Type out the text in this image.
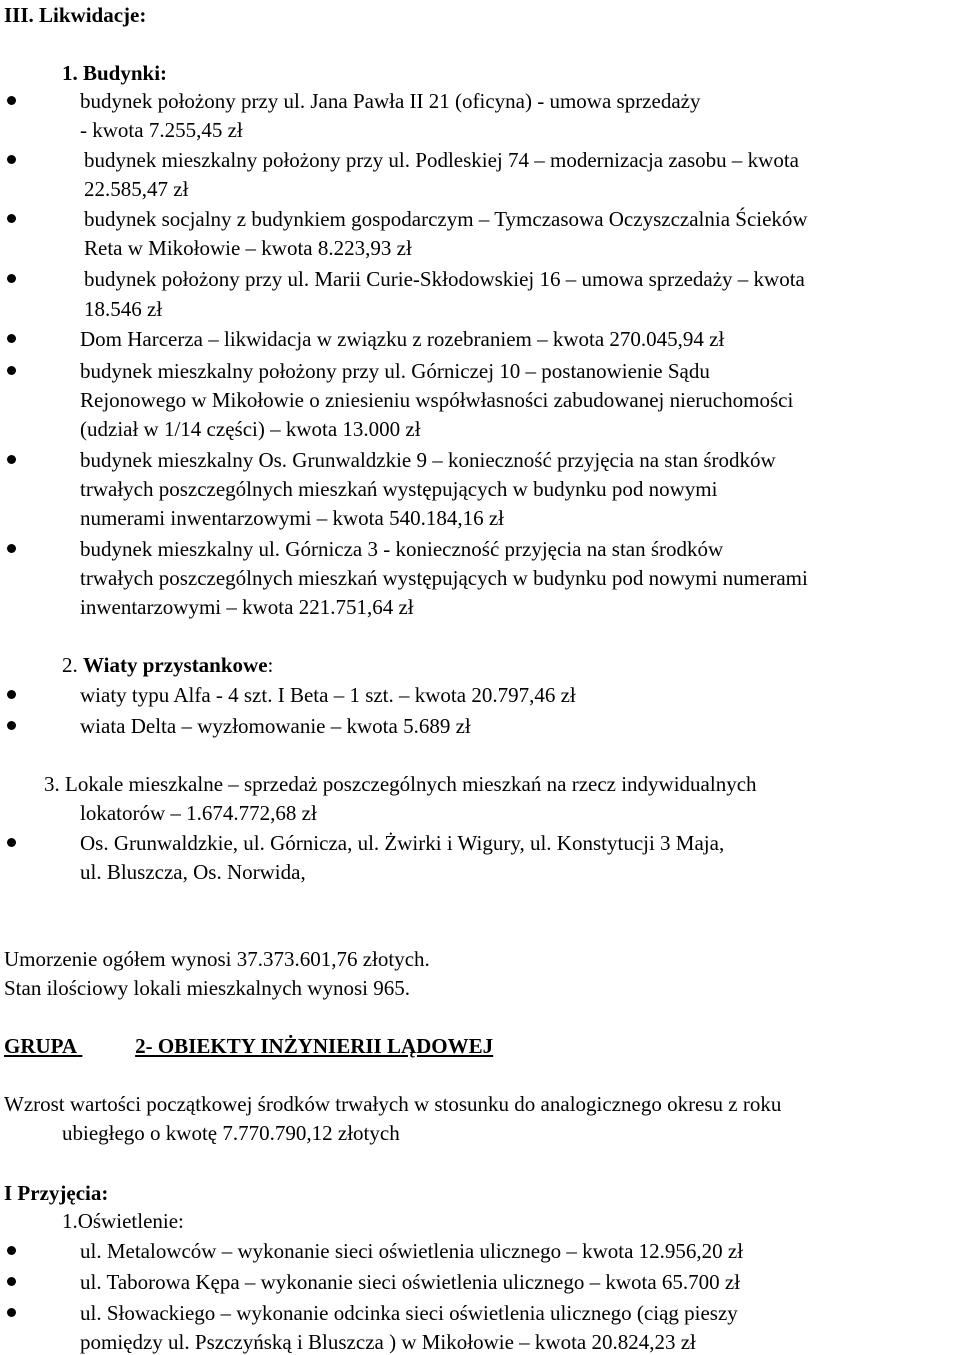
III. Likwidacje:
1. Budynki:
budynek położony przy ul. Jana Pawła II 21 (oficyna) - umowa sprzedaży
- kwota 7.255,45 zł
budynek mieszkalny położony przy ul. Podleskiej 74 – modernizacja zasobu – kwota
22.585,47 zł
budynek socjalny z budynkiem gospodarczym – Tymczasowa Oczyszczalnia Ścieków
Reta w Mikołowie – kwota 8.223,93 zł
budynek położony przy ul. Marii Curie-Skłodowskiej 16 – umowa sprzedaży – kwota
18.546 zł
Dom Harcerza – likwidacja w związku z rozebraniem – kwota 270.045,94 zł
budynek mieszkalny położony przy ul. Górniczej 10 – postanowienie Sądu
Rejonowego w Mikołowie o zniesieniu współwłasności zabudowanej nieruchomości
(udział w 1/14 części) – kwota 13.000 zł
budynek mieszkalny Os. Grunwaldzkie 9 – konieczność przyjęcia na stan środków
trwałych poszczególnych mieszkań występujących w budynku pod nowymi
numerami inwentarzowymi – kwota 540.184,16 zł
budynek mieszkalny ul. Górnicza 3 - konieczność przyjęcia na stan środków
trwałych poszczególnych mieszkań występujących w budynku pod nowymi numerami
inwentarzowymi – kwota 221.751,64 zł
2. Wiaty przystankowe:
wiaty typu Alfa - 4 szt. I Beta – 1 szt. – kwota 20.797,46 zł
wiata Delta – wyzłomowanie – kwota 5.689 zł
3. Lokale mieszkalne – sprzedaż poszczególnych mieszkań na rzecz indywidualnych
lokatorów – 1.674.772,68 zł
Os. Grunwaldzkie, ul. Górnicza, ul. Żwirki i Wigury, ul. Konstytucji 3 Maja,
ul. Bluszcza, Os. Norwida,
Umorzenie ogółem wynosi 37.373.601,76 złotych.
Stan ilościowy lokali mieszkalnych wynosi 965.
GRUPA	2- OBIEKTY INŻYNIERII LĄDOWEJ
Wzrost wartości początkowej środków trwałych w stosunku do analogicznego okresu z roku
ubiegłego o kwotę 7.770.790,12 złotych
I Przyjęcia:
1.Oświetlenie:
ul. Metalowców – wykonanie sieci oświetlenia ulicznego – kwota 12.956,20 zł
ul. Taborowa Kępa – wykonanie sieci oświetlenia ulicznego – kwota 65.700 zł
ul. Słowackiego – wykonanie odcinka sieci oświetlenia ulicznego (ciąg pieszy
pomiędzy ul. Pszczyńską i Bluszcza ) w Mikołowie – kwota 20.824,23 zł
